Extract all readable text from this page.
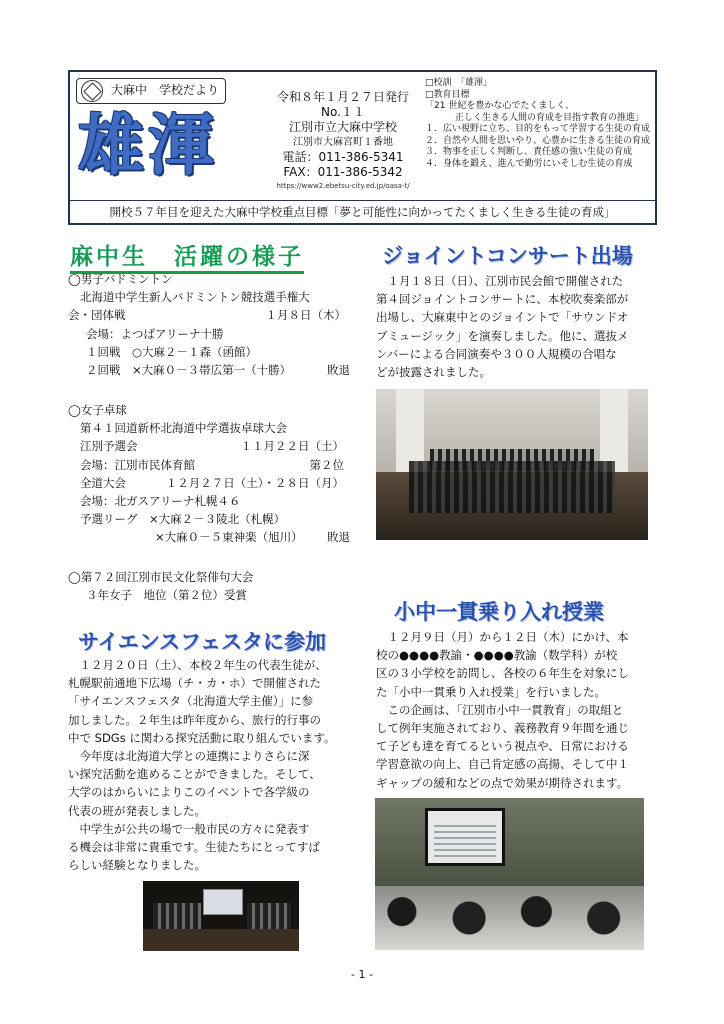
大麻中　学校だより
雄渾
令和８年１月２７日発行
No.１１
江別市立大麻中学校
江別市大麻宮町１番地
電話：011-386-5341
FAX：011-386-5342
https://www2.ebetsu-city.ed.jp/oasa-t/
□校訓　「雄渾」
□教育目標
「21 世紀を豊かな心でたくましく、
正しく生きる人間の育成を目指す教育の推進」
１．広い視野に立ち、目的をもって学習する生徒の育成
２．自然や人間を思いやり、心豊かに生きる生徒の育成
３．物事を正しく判断し、責任感の強い生徒の育成
４．身体を鍛え、進んで勤労にいそしむ生徒の育成
開校５７年目を迎えた大麻中学校重点目標「夢と可能性に向かってたくましく生きる生徒の育成」
麻中生　活躍の様子
◯男子バドミントン
北海道中学生新人バドミントン競技選手権大
会・団体戦	１月８日（木）
会場：よつばアリーナ十勝
１回戦　○大麻２－１森（函館）
２回戦　×大麻０－３帯広第一（十勝）	敗退
◯女子卓球
第４１回道新杯北海道中学選抜卓球大会
江別予選会	１１月２２日（土）
会場：江別市民体育館	第２位
全道大会	１２月２７日（土）・２８日（月）
会場：北ガスアリーナ札幌４６
予選リーグ　×大麻２－３陵北（札幌）
×大麻０－５東神楽（旭川） 敗退
◯第７２回江別市民文化祭俳句大会
３年女子　地位（第２位）受賞
サイエンスフェスタに参加
　１２月２０日（土）、本校２年生の代表生徒が、
札幌駅前通地下広場（チ・カ・ホ）で開催された
「サイエンスフェスタ（北海道大学主催）」に参
加しました。２年生は昨年度から、旅行的行事の
中で SDGs に関わる探究活動に取り組んでいます。
　今年度は北海道大学との連携によりさらに深
い探究活動を進めることができました。そして、
大学のはからいによりこのイベントで各学級の
代表の班が発表しました。
　中学生が公共の場で一般市民の方々に発表す
る機会は非常に貴重です。生徒たちにとってすば
らしい経験となりました。
ジョイントコンサート出場
　１月１８日（日）、江別市民会館で開催された
第４回ジョイントコンサートに、本校吹奏楽部が
出場し、大麻東中とのジョイントで「サウンドオ
ブミュージック」を演奏しました。他に、選抜メ
ンバーによる合同演奏や３００人規模の合唱な
どが披露されました。
小中一貫乗り入れ授業
　１２月９日（月）から１２日（木）にかけ、本
校の●●●●教諭・●●●●教諭（数学科）が校
区の３小学校を訪問し、各校の６年生を対象にし
た「小中一貫乗り入れ授業」を行いました。
　この企画は、「江別市小中一貫教育」の取組と
して例年実施されており、義務教育９年間を通じ
て子ども達を育てるという視点や、日常における
学習意欲の向上、自己肯定感の高揚、そして中１
ギャップの緩和などの点で効果が期待されます。
- 1 -
